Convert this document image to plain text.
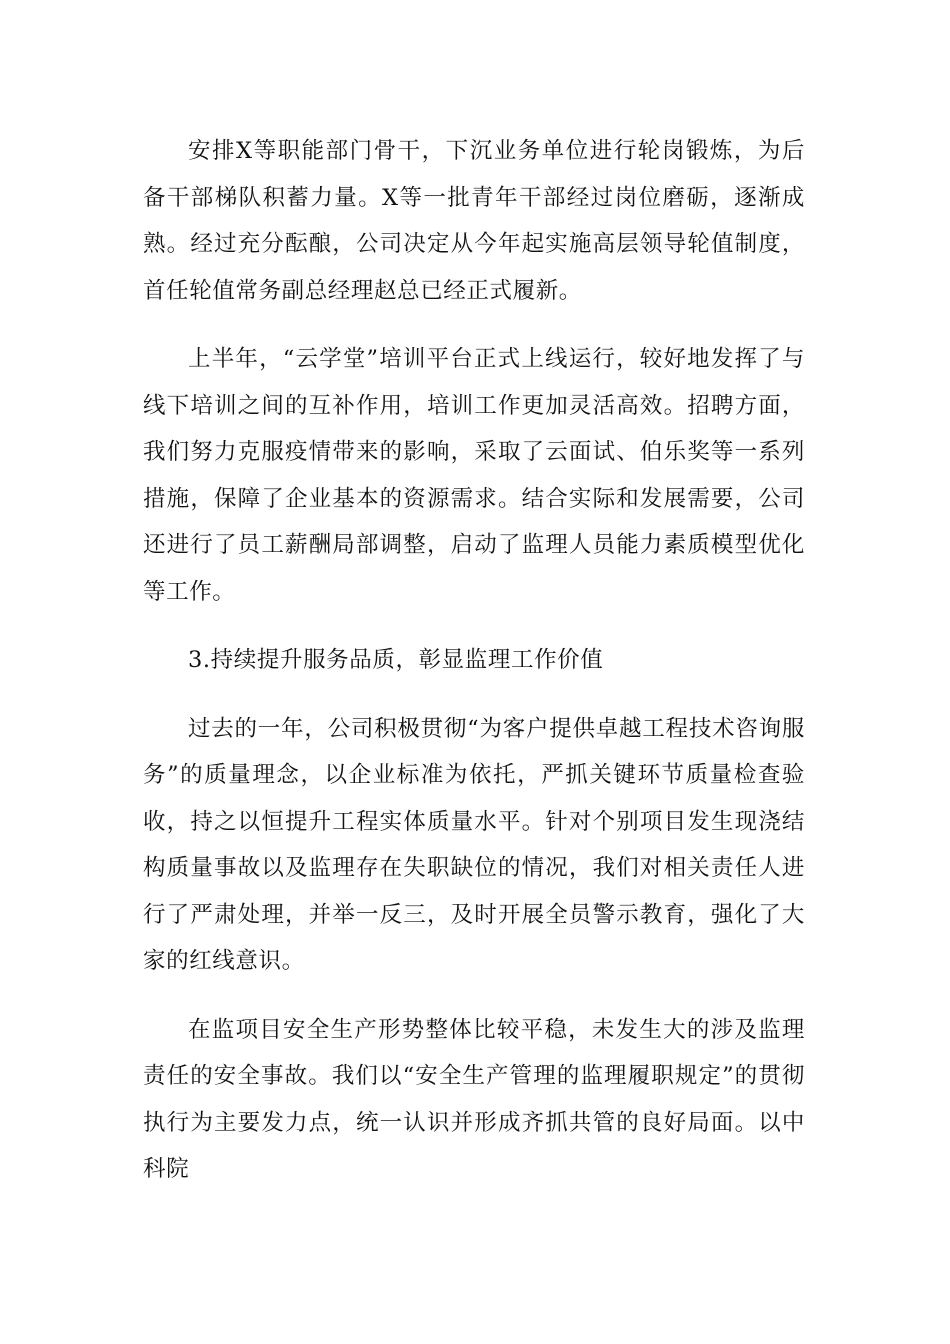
安排X等职能部门骨干，下沉业务单位进行轮岗锻炼，为后备干部梯队积蓄力量。X等一批青年干部经过岗位磨砺，逐渐成熟。经过充分酝酿，公司决定从今年起实施高层领导轮值制度，首任轮值常务副总经理赵总已经正式履新。

上半年，“云学堂”培训平台正式上线运行，较好地发挥了与线下培训之间的互补作用，培训工作更加灵活高效。招聘方面，我们努力克服疫情带来的影响，采取了云面试、伯乐奖等一系列措施，保障了企业基本的资源需求。结合实际和发展需要，公司还进行了员工薪酬局部调整，启动了监理人员能力素质模型优化等工作。

3.持续提升服务品质，彰显监理工作价值

过去的一年，公司积极贯彻“为客户提供卓越工程技术咨询服务”的质量理念，以企业标准为依托，严抓关键环节质量检查验收，持之以恒提升工程实体质量水平。针对个别项目发生现浇结构质量事故以及监理存在失职缺位的情况，我们对相关责任人进行了严肃处理，并举一反三，及时开展全员警示教育，强化了大家的红线意识。

在监项目安全生产形势整体比较平稳，未发生大的涉及监理责任的安全事故。我们以“安全生产管理的监理履职规定”的贯彻执行为主要发力点，统一认识并形成齐抓共管的良好局面。以中科院
